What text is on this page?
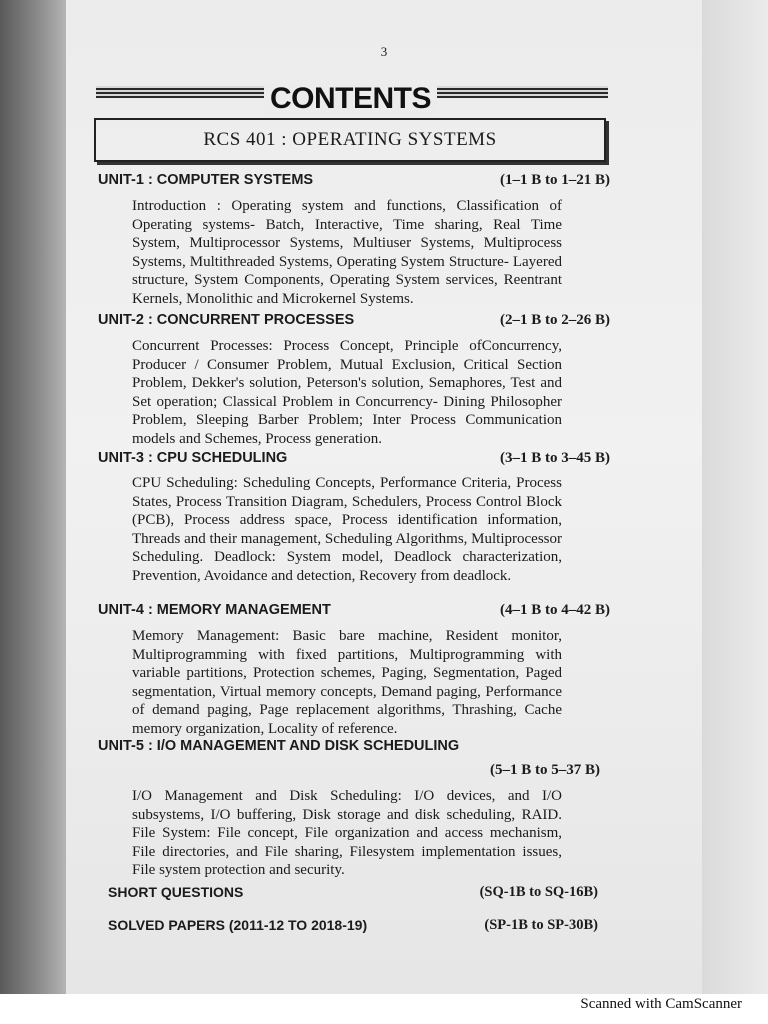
3
CONTENTS
RCS 401 : OPERATING SYSTEMS
UNIT-1 : COMPUTER SYSTEMS	(1–1 B to 1–21 B)
Introduction : Operating system and functions, Classification of Operating systems- Batch, Interactive, Time sharing, Real Time System, Multiprocessor Systems, Multiuser Systems, Multiprocess Systems, Multithreaded Systems, Operating System Structure- Layered structure, System Components, Operating System services, Reentrant Kernels, Monolithic and Microkernel Systems.
UNIT-2 : CONCURRENT PROCESSES	(2–1 B to 2–26 B)
Concurrent Processes: Process Concept, Principle ofConcurrency, Producer / Consumer Problem, Mutual Exclusion, Critical Section Problem, Dekker's solution, Peterson's solution, Semaphores, Test and Set operation; Classical Problem in Concurrency- Dining Philosopher Problem, Sleeping Barber Problem; Inter Process Communication models and Schemes, Process generation.
UNIT-3 : CPU SCHEDULING	(3–1 B to 3–45 B)
CPU Scheduling: Scheduling Concepts, Performance Criteria, Process States, Process Transition Diagram, Schedulers, Process Control Block (PCB), Process address space, Process identification information, Threads and their management, Scheduling Algorithms, Multiprocessor Scheduling. Deadlock: System model, Deadlock characterization, Prevention, Avoidance and detection, Recovery from deadlock.
UNIT-4 : MEMORY MANAGEMENT	(4–1 B to 4–42 B)
Memory Management: Basic bare machine, Resident monitor, Multiprogramming with fixed partitions, Multiprogramming with variable partitions, Protection schemes, Paging, Segmentation, Paged segmentation, Virtual memory concepts, Demand paging, Performance of demand paging, Page replacement algorithms, Thrashing, Cache memory organization, Locality of reference.
UNIT-5 : I/O MANAGEMENT AND DISK SCHEDULING
(5–1 B to 5–37 B)
I/O Management and Disk Scheduling: I/O devices, and I/O subsystems, I/O buffering, Disk storage and disk scheduling, RAID. File System: File concept, File organization and access mechanism, File directories, and File sharing, Filesystem implementation issues, File system protection and security.
SHORT QUESTIONS	(SQ-1B to SQ-16B)
SOLVED PAPERS (2011-12 TO 2018-19)	(SP-1B to SP-30B)
Scanned with CamScanner
